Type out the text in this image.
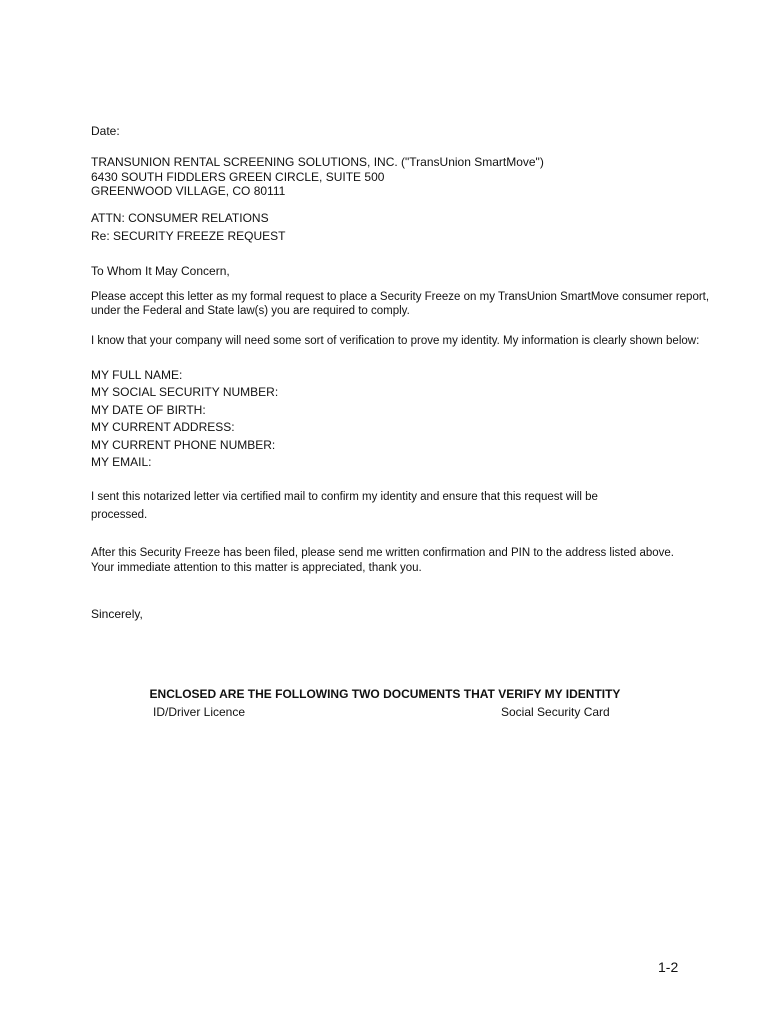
Date:
TRANSUNION RENTAL SCREENING SOLUTIONS, INC. ("TransUnion SmartMove")
6430 SOUTH FIDDLERS GREEN CIRCLE, SUITE 500
GREENWOOD VILLAGE, CO 80111
ATTN: CONSUMER RELATIONS
Re: SECURITY FREEZE REQUEST
To Whom It May Concern,
Please accept this letter as my formal request to place a Security Freeze on my TransUnion SmartMove consumer report, under the Federal and State law(s) you are required to comply.
I know that your company will need some sort of verification to prove my identity. My information is clearly shown below:
MY FULL NAME:
MY SOCIAL SECURITY NUMBER:
MY DATE OF BIRTH:
MY CURRENT ADDRESS:
MY CURRENT PHONE NUMBER:
MY EMAIL:
I sent this notarized letter via certified mail to confirm my identity and ensure that this request will be
processed.
After this Security Freeze has been filed, please send me written confirmation and PIN to the address listed above.
Your immediate attention to this matter is appreciated, thank you.
Sincerely,
ENCLOSED ARE THE FOLLOWING TWO DOCUMENTS THAT VERIFY MY IDENTITY
ID/Driver Licence	Social Security Card
1-2
